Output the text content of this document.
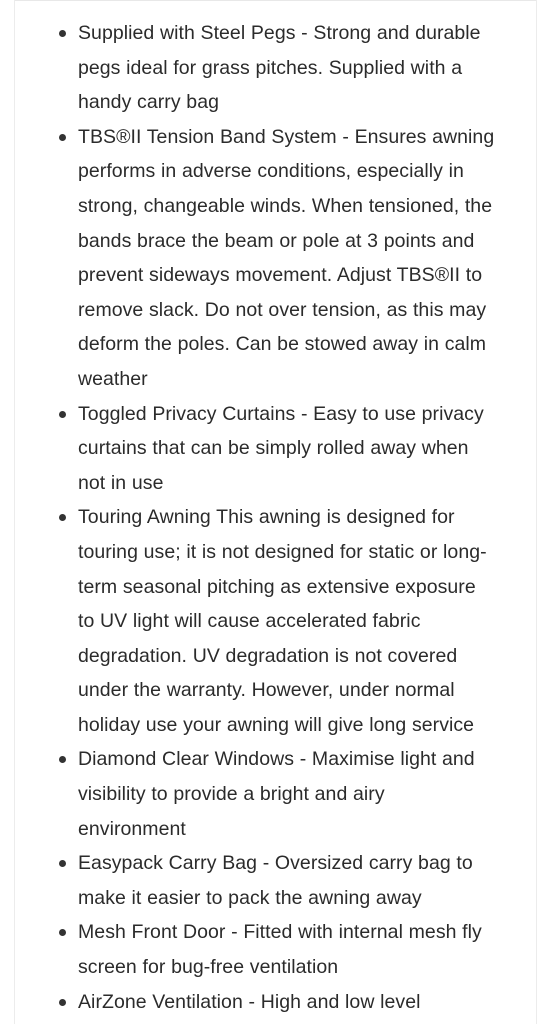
Supplied with Steel Pegs - Strong and durable
pegs ideal for grass pitches. Supplied with a
handy carry bag
TBS®II Tension Band System - Ensures awning
performs in adverse conditions, especially in
strong, changeable winds. When tensioned, the
bands brace the beam or pole at 3 points and
prevent sideways movement. Adjust TBS®II to
remove slack. Do not over tension, as this may
deform the poles. Can be stowed away in calm
weather
Toggled Privacy Curtains - Easy to use privacy
curtains that can be simply rolled away when
not in use
Touring Awning This awning is designed for
touring use; it is not designed for static or long-
term seasonal pitching as extensive exposure
to UV light will cause accelerated fabric
degradation. UV degradation is not covered
under the warranty. However, under normal
holiday use your awning will give long service
Diamond Clear Windows - Maximise light and
visibility to provide a bright and airy
environment
Easypack Carry Bag - Oversized carry bag to
make it easier to pack the awning away
Mesh Front Door - Fitted with internal mesh fly
screen for bug-free ventilation
AirZone Ventilation - High and low level
